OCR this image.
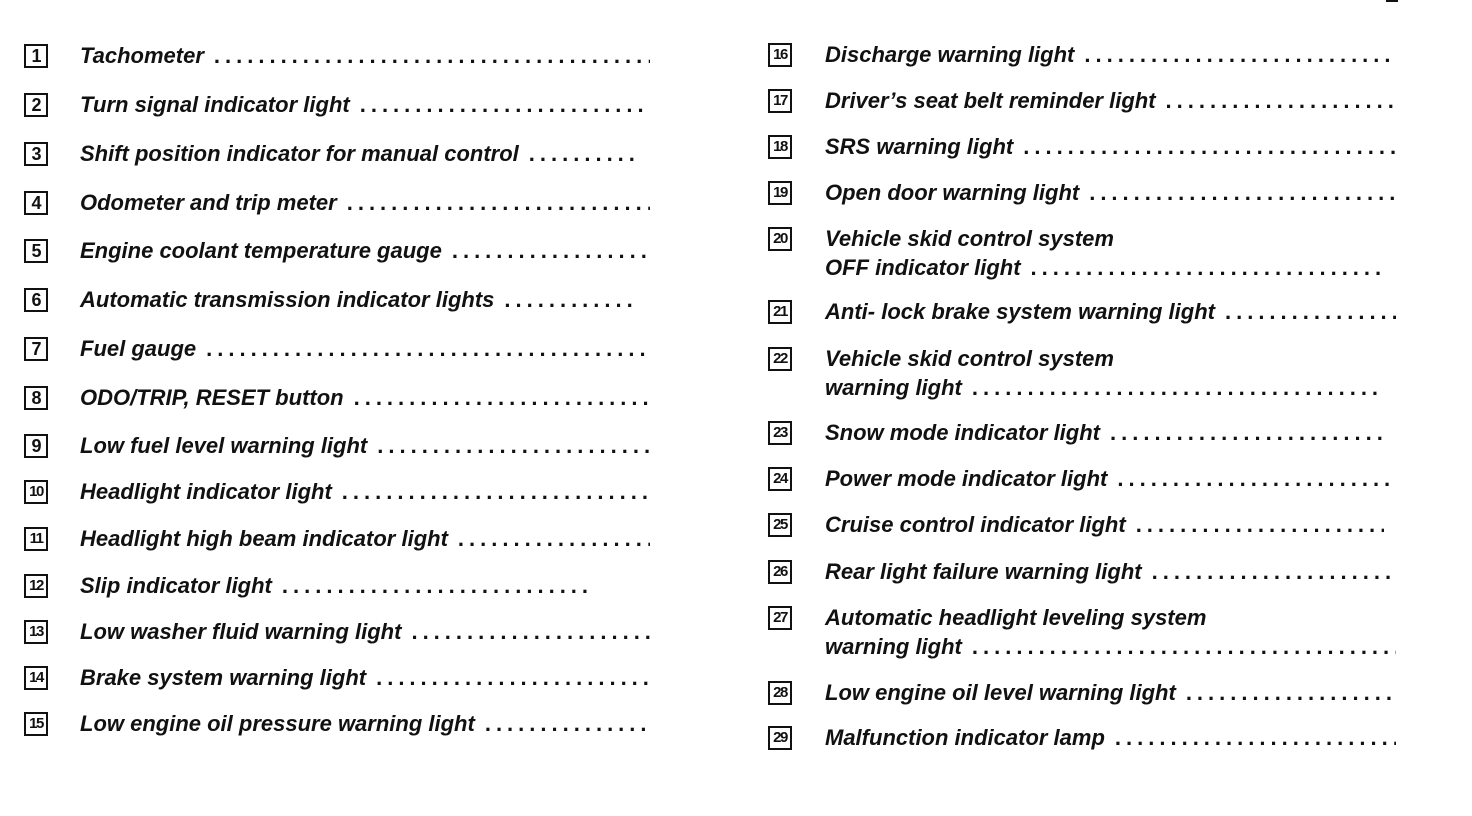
1	Tachometer
.....
2	Turn signal indicator light
.....
3	Shift position indicator for manual control
.....
4	Odometer and trip meter
.....
5	Engine coolant temperature gauge
.....
6	Automatic transmission indicator lights
.....
7	Fuel gauge
.....
8	ODO/TRIP, RESET button
.....
9	Low fuel level warning light
.....
10 Headlight indicator light
.....
11 Headlight high beam indicator light
.....
12 Slip indicator light
.....
13 Low washer fluid warning light
.....
14 Brake system warning light
.....
15 Low engine oil pressure warning light
.....
16 Discharge warning light
.....
17 Driver’s seat belt reminder light
.....
18 SRS warning light
.....
19 Open door warning light
.....
20 Vehicle skid control system
OFF indicator light
.....
21 Anti- lock brake system warning light
.....
22 Vehicle skid control system
warning light
.....
23 Snow mode indicator light
.....
24 Power mode indicator light
.....
25 Cruise control indicator light
.....
26 Rear light failure warning light
.....
27 Automatic headlight leveling system
warning light
.....
28 Low engine oil level warning light
.....
29 Malfunction indicator lamp
.....
